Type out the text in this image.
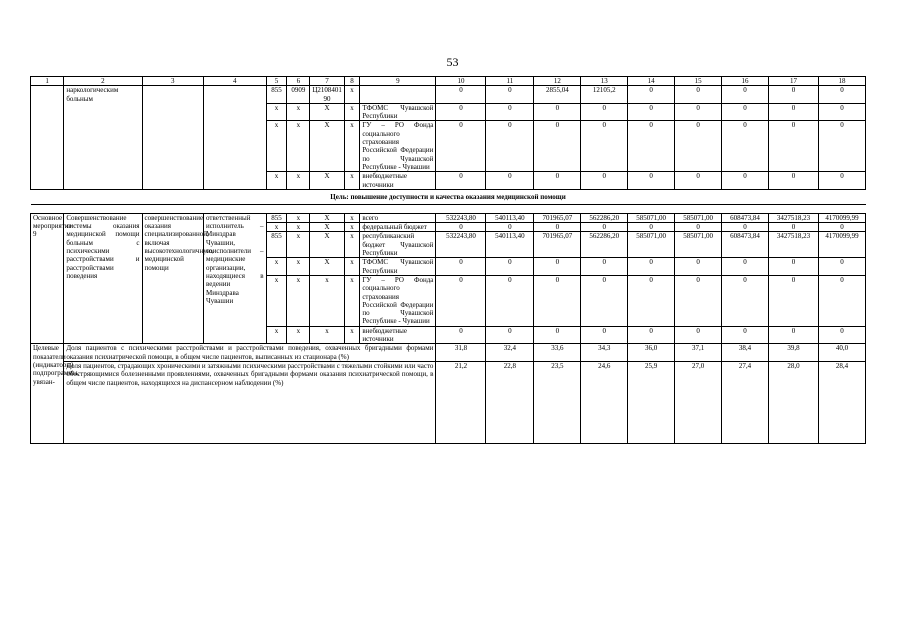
53
1	2	3	4	5	6	7	8	9	10	11	12	13	14	15	16	17	18
	наркологическим больным			855	0909	Ц2108401 90	х		0	0	2855,04	12105,2	0	0	0	0	0
				х	х	Х	х	ТФОМС Чувашской Республики	0	0	0	0	0	0	0	0	0
				х	х	Х	х	ГУ – РО Фонда социального страхования Российской Федерации по Чувашской Республике - Чувашии	0	0	0	0	0	0	0	0	0
				х	х	Х	х	внебюджетные источники	0	0	0	0	0	0	0	0	0
Цель: повышение доступности и качества оказания медицинской помощи																	

Основное мероприятие 9	Совершенствование системы оказания медицинской помощи больным с психическими расстройствами и расстройствами поведения	совершенствование оказания специализированной, включая высокотехнологичную, медицинской помощи	ответственный исполнитель – Минздрав Чувашии, соисполнители – медицинские организации, находящиеся в ведении Минздрава Чувашии	855	х	Х	х	всего	532243,80	540113,40	701965,07	562286,20	585071,00	585071,00	608473,84	3427518,23	4170099,99
				х	х	Х	х	федеральный бюджет	0	0	0	0	0	0	0	0	0
				855	х	Х	х	республиканский бюджет Чувашской Республики	532243,80	540113,40	701965,07	562286,20	585071,00	585071,00	608473,84	3427518,23	4170099,99
				х	х	Х	х	ТФОМС Чувашской Республики	0	0	0	0	0	0	0	0	0
				х	х	х	х	ГУ – РО Фонда социального страхования Российской Федерации по Чувашской Республике - Чувашии	0	0	0	0	0	0	0	0	0
				х	х	х	х	внебюджетные источники	0	0	0	0	0	0	0	0	0
Целевые показатели (индикаторы) подпрограммы, увязан-	Доля пациентов с психическими расстройствами и расстройствами поведения, охваченных бригадными формами оказания психиатрической помощи, в общем числе пациентов, выписанных из стационара (%)								31,8	32,4	33,6	34,3	36,0	37,1	38,4	39,8	40,0
	Доля пациентов, страдающих хроническими и затяжными психическими расстройствами с тяжелыми стойкими или часто обостряющимися болезненными проявлениями, охваченных бригадными формами оказания психиатрической помощи, в общем числе пациентов, находящихся на диспансерном наблюдении (%)								21,2	22,8	23,5	24,6	25,9	27,0	27,4	28,0	28,4
